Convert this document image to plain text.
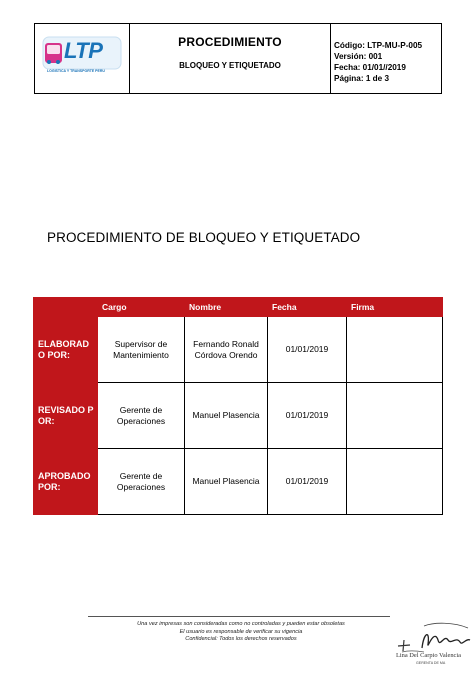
LTP
LOGISTICA Y TRANSPORTE PERU

PROCEDIMIENTO
BLOQUEO Y ETIQUETADO

Código: LTP-MU-P-005
Versión: 001
Fecha: 01/01//2019
Página: 1 de 3
PROCEDIMIENTO DE BLOQUEO Y ETIQUETADO
	Cargo	Nombre	Fecha	Firma
ELABORAD O POR:	Supervisor de Mantenimiento	Fernando Ronald Córdova Orendo	01/01/2019	
REVISADO POR:	Gerente de Operaciones	Manuel Plasencia	01/01/2019	
APROBADO POR:	Gerente de Operaciones	Manuel Plasencia	01/01/2019	
Una vez impresas son consideradas como no controladas y pueden estar obsoletas
El usuario es responsable de verificar su vigencia
Confidencial: Todos los derechos reservados
Lina Del Carpio Valencia
GERENTA DE MA
